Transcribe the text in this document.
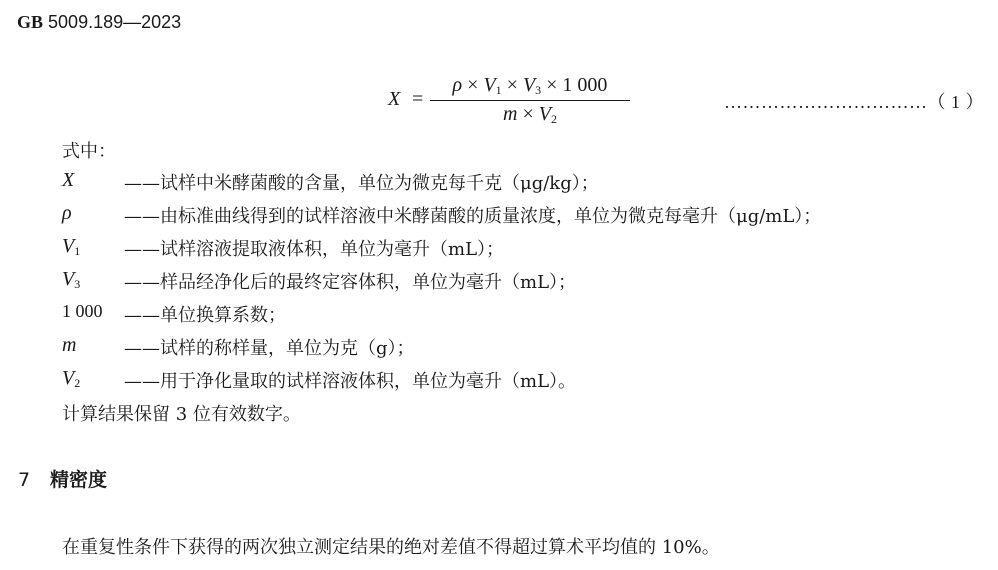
GB 5009.189—2023
X =
$\rho \times V_1 \times V_3 \times 1$ 000
$m \times V_2$
……………………………（ 1 ）
式中：
X	——试样中米酵菌酸的含量，单位为微克每千克（μg/kg）；
ρ	——由标准曲线得到的试样溶液中米酵菌酸的质量浓度，单位为微克每毫升（μg/mL）；
$V_1$ ——试样溶液提取液体积，单位为毫升（mL）；
$V_3$ ——样品经净化后的最终定容体积，单位为毫升（mL）；
1 000 ——单位换算系数；
m	——试样的称样量，单位为克（g）；
$V_2$ ——用于净化量取的试样溶液体积，单位为毫升（mL）。
计算结果保留 3 位有效数字。
7 精密度
在重复性条件下获得的两次独立测定结果的绝对差值不得超过算术平均值的 10%。
